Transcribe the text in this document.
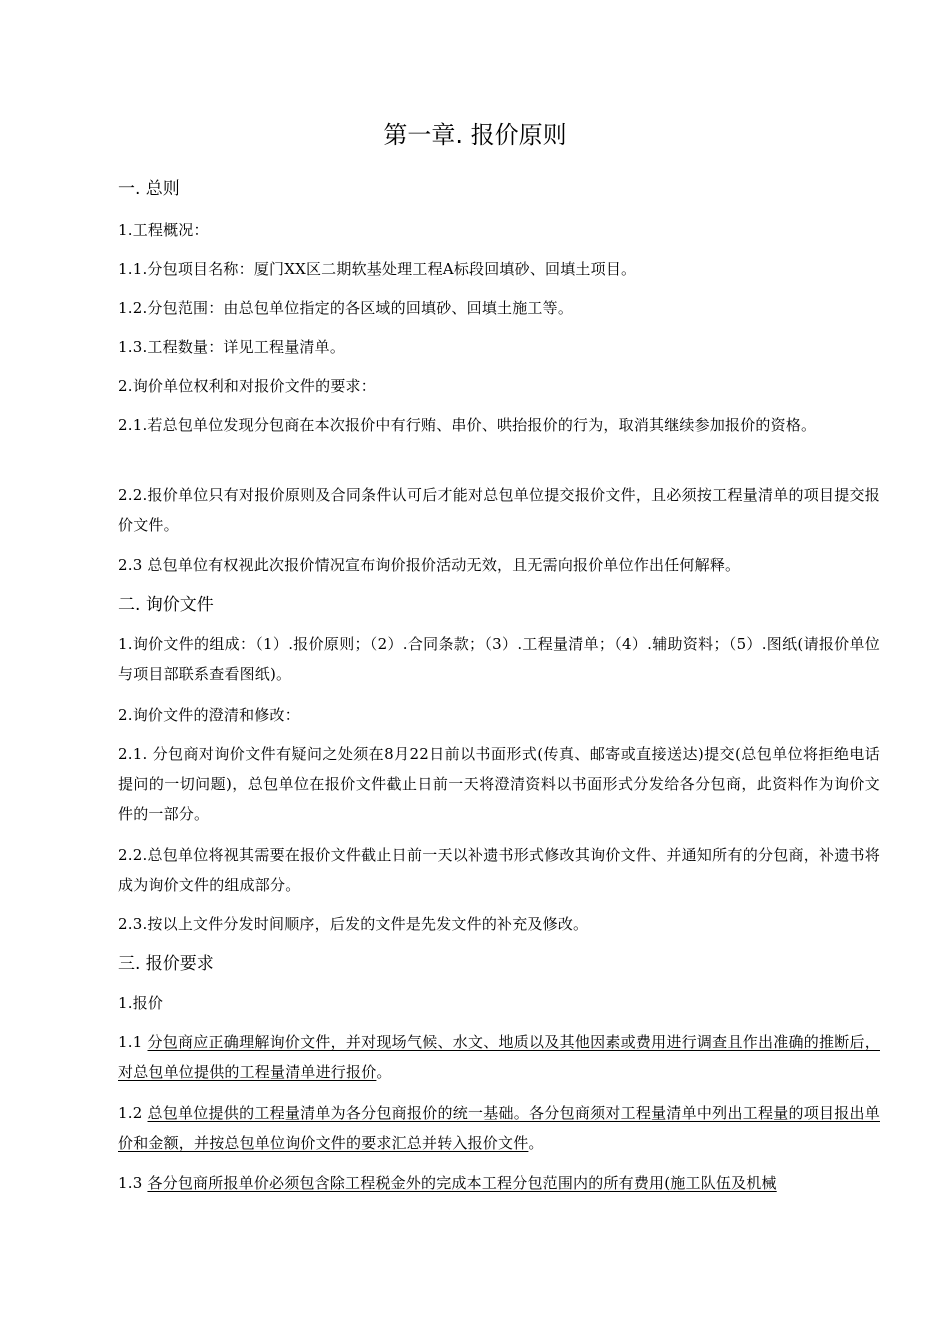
第一章. 报价原则
一. 总则
1.工程概况：
1.1.分包项目名称：厦门XX区二期软基处理工程A标段回填砂、回填土项目。
1.2.分包范围：由总包单位指定的各区域的回填砂、回填土施工等。
1.3.工程数量：详见工程量清单。
2.询价单位权利和对报价文件的要求：
2.1.若总包单位发现分包商在本次报价中有行贿、串价、哄抬报价的行为，取消其继续参加报价的资格。
2.2.报价单位只有对报价原则及合同条件认可后才能对总包单位提交报价文件，且必须按工程量清单的项目提交报价文件。
2.3 总包单位有权视此次报价情况宣布询价报价活动无效，且无需向报价单位作出任何解释。
二. 询价文件
1.询价文件的组成：（1）.报价原则；（2）.合同条款；（3）.工程量清单；（4）.辅助资料；（5）.图纸(请报价单位与项目部联系查看图纸)。
2.询价文件的澄清和修改：
2.1. 分包商对询价文件有疑问之处须在8月22日前以书面形式(传真、邮寄或直接送达)提交(总包单位将拒绝电话提问的一切问题)，总包单位在报价文件截止日前一天将澄清资料以书面形式分发给各分包商，此资料作为询价文件的一部分。
2.2.总包单位将视其需要在报价文件截止日前一天以补遗书形式修改其询价文件、并通知所有的分包商，补遗书将成为询价文件的组成部分。
2.3.按以上文件分发时间顺序，后发的文件是先发文件的补充及修改。
三. 报价要求
1.报价
1.1 分包商应正确理解询价文件，并对现场气候、水文、地质以及其他因素或费用进行调查且作出准确的推断后，对总包单位提供的工程量清单进行报价。
1.2 总包单位提供的工程量清单为各分包商报价的统一基础。各分包商须对工程量清单中列出工程量的项目报出单价和金额，并按总包单位询价文件的要求汇总并转入报价文件。
1.3 各分包商所报单价必须包含除工程税金外的完成本工程分包范围内的所有费用(施工队伍及机械
